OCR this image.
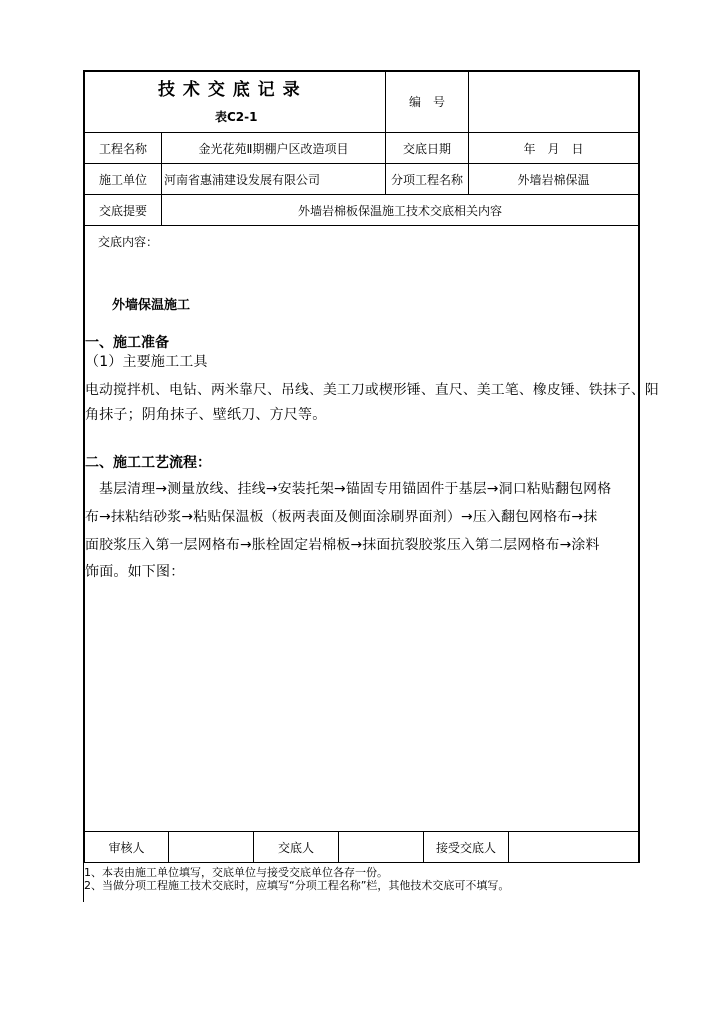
技 术 交 底 记 录
表C2-1
编　号
工程名称	金光花苑Ⅱ期棚户区改造项目	交底日期	年　月　日
施工单位	河南省惠浦建设发展有限公司	分项工程名称	外墙岩棉保温
交底提要	外墙岩棉板保温施工技术交底相关内容
交底内容：
外墙保温施工
一、施工准备
（1）主要施工工具
电动搅拌机、电钻、两米靠尺、吊线、美工刀或楔形锤、直尺、美工笔、橡皮锤、铁抹子、阳
角抹子；阴角抹子、壁纸刀、方尺等。
二、施工工艺流程：
基层清理→测量放线、挂线→安装托架→锚固专用锚固件于基层→洞口粘贴翻包网格
布→抹粘结砂浆→粘贴保温板（板两表面及侧面涂刷界面剂）→压入翻包网格布→抹
面胶浆压入第一层网格布→胀栓固定岩棉板→抹面抗裂胶浆压入第二层网格布→涂料
饰面。如下图：
审核人	交底人	接受交底人
1、本表由施工单位填写，交底单位与接受交底单位各存一份。
2、当做分项工程施工技术交底时，应填写“分项工程名称”栏，其他技术交底可不填写。
